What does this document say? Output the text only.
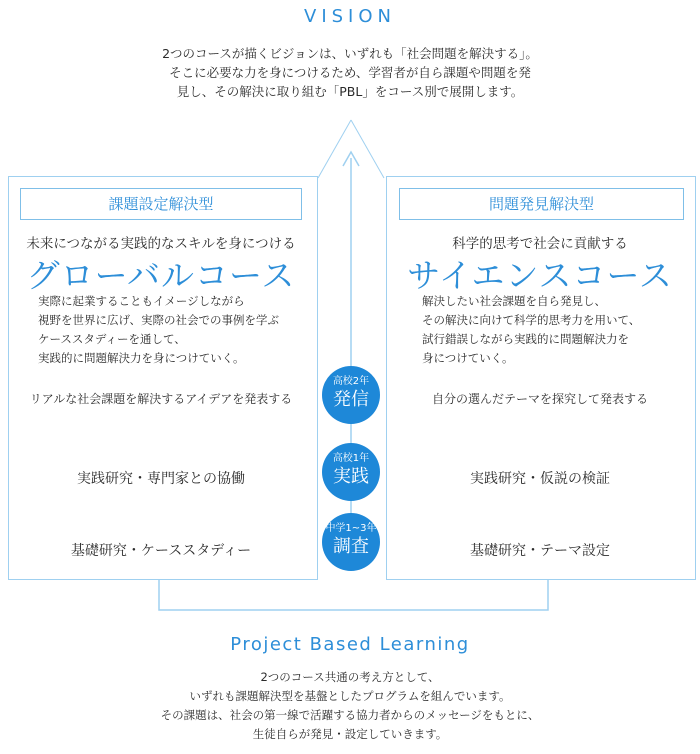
VISION
2つのコースが描くビジョンは、いずれも「社会問題を解決する」。
そこに必要な力を身につけるため、学習者が自ら課題や問題を発
見し、その解決に取り組む「PBL」をコース別で展開します。
課題設定解決型
未来につながる実践的なスキルを身につける
グローバルコース
実際に起業することもイメージしながら
視野を世界に広げ、実際の社会での事例を学ぶ
ケーススタディーを通して、
実践的に問題解決力を身につけていく。
リアルな社会課題を解決するアイデアを発表する
実践研究・専門家との協働
基礎研究・ケーススタディー
問題発見解決型
科学的思考で社会に貢献する
サイエンスコース
解決したい社会課題を自ら発見し、
その解決に向けて科学的思考力を用いて、
試行錯誤しながら実践的に問題解決力を
身につけていく。
自分の選んだテーマを探究して発表する
実践研究・仮説の検証
基礎研究・テーマ設定
高校2年
発信
高校1年
実践
中学1~3年
調査
Project Based Learning
2つのコース共通の考え方として、
いずれも課題解決型を基盤としたプログラムを組んでいます。
その課題は、社会の第一線で活躍する協力者からのメッセージをもとに、
生徒自らが発見・設定していきます。
